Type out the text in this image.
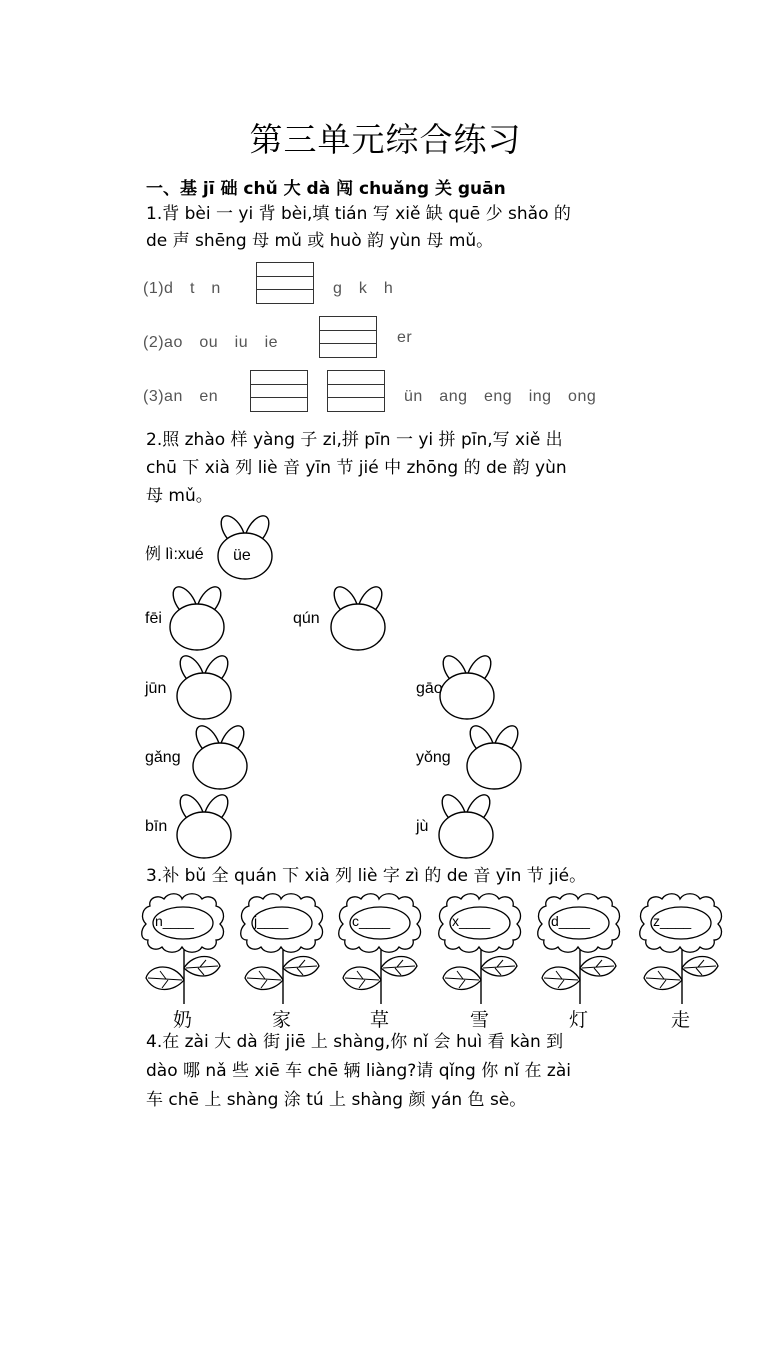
第三单元综合练习
一、基 jī 础 chǔ 大 dà 闯 chuǎng 关 guān
1.背 bèi 一 yi 背 bèi,填 tián 写 xiě 缺 quē 少 shǎo 的
de 声 shēng 母 mǔ 或 huò 韵 yùn 母 mǔ。
(1)d　t　n	g　k　h
(2)ao　ou　iu　ie	er
(3)an　en	ün　ang　eng　ing　ong
2.照 zhào 样 yàng 子 zi,拼 pīn 一 yi 拼 pīn,写 xiě 出
chū 下 xià 列 liè 音 yīn 节 jié 中 zhōng 的 de 韵 yùn
母 mǔ。
例 lì:xué üe
fēi	qún
jūn	gāo
gǎng	yǒng
bīn	jù
3.补 bǔ 全 quán 下 xià 列 liè 字 zì 的 de 音 yīn 节 jié。
n____	j____	c____	x____	d____	z____
奶	家	草	雪	灯	走
4.在 zài 大 dà 街 jiē 上 shàng,你 nǐ 会 huì 看 kàn 到
dào 哪 nǎ 些 xiē 车 chē 辆 liàng?请 qǐng 你 nǐ 在 zài
车 chē 上 shàng 涂 tú 上 shàng 颜 yán 色 sè。
